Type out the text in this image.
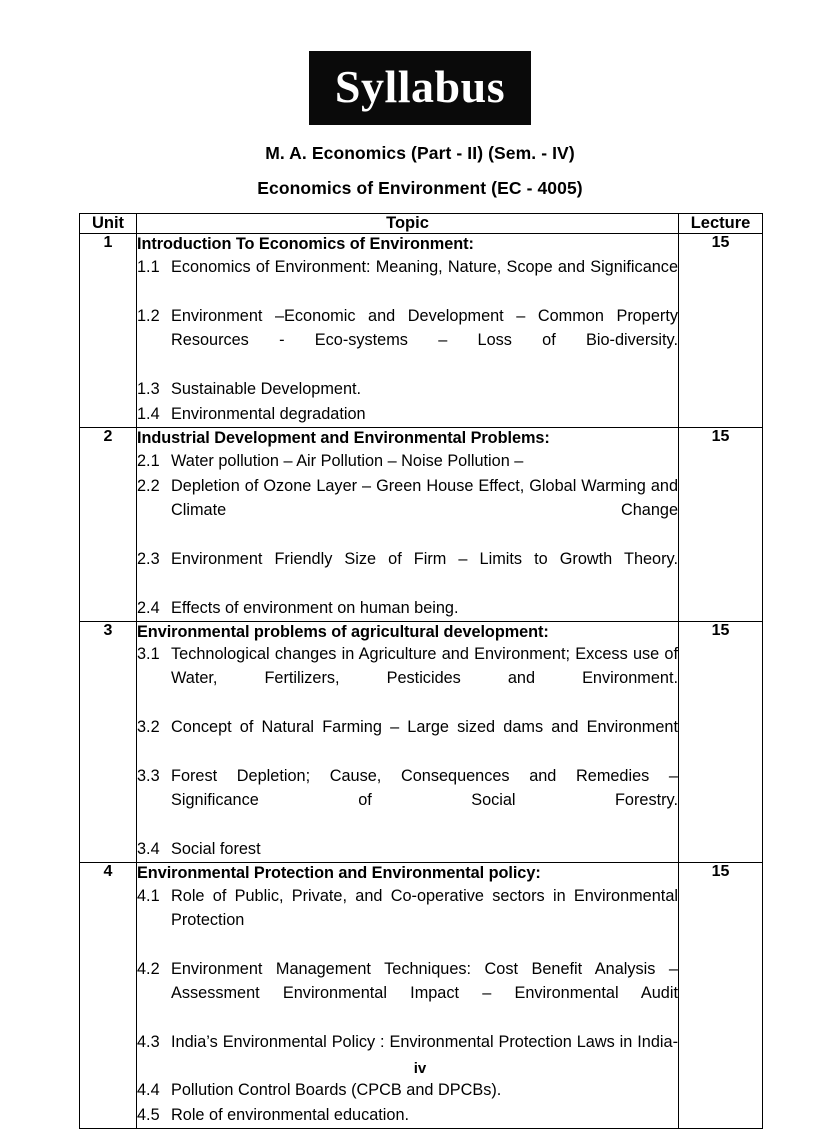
Syllabus
M. A. Economics (Part - II) (Sem. - IV)
Economics of Environment (EC - 4005)
Unit	Topic	Lecture
1	Introduction To Economics of Environment:
1.1 Economics of Environment: Meaning, Nature, Scope and Significance
1.2 Environment –Economic and Development – Common Property Resources - Eco-systems – Loss of Bio-diversity.
1.3 Sustainable Development.
1.4 Environmental degradation
	15
2	Industrial Development and Environmental Problems:
2.1 Water pollution – Air Pollution – Noise Pollution –
2.2 Depletion of Ozone Layer – Green House Effect, Global Warming and Climate Change
2.3 Environment Friendly Size of Firm – Limits to Growth Theory.
2.4 Effects of environment on human being.
	15
3	Environmental problems of agricultural development:
3.1 Technological changes in Agriculture and Environment; Excess use of Water, Fertilizers, Pesticides and Environment.
3.2 Concept of Natural Farming – Large sized dams and Environment
3.3 Forest Depletion; Cause, Consequences and Remedies – Significance of Social Forestry.
3.4 Social forest
	15
4	Environmental Protection and Environmental policy:
4.1 Role of Public, Private, and Co-operative sectors in Environmental Protection
4.2 Environment Management Techniques: Cost Benefit Analysis – Assessment Environmental Impact – Environmental Audit
4.3 India’s Environmental Policy : Environmental Protection Laws in India-
4.4 Pollution Control Boards (CPCB and DPCBs).
4.5 Role of environmental education.
	15
iv
